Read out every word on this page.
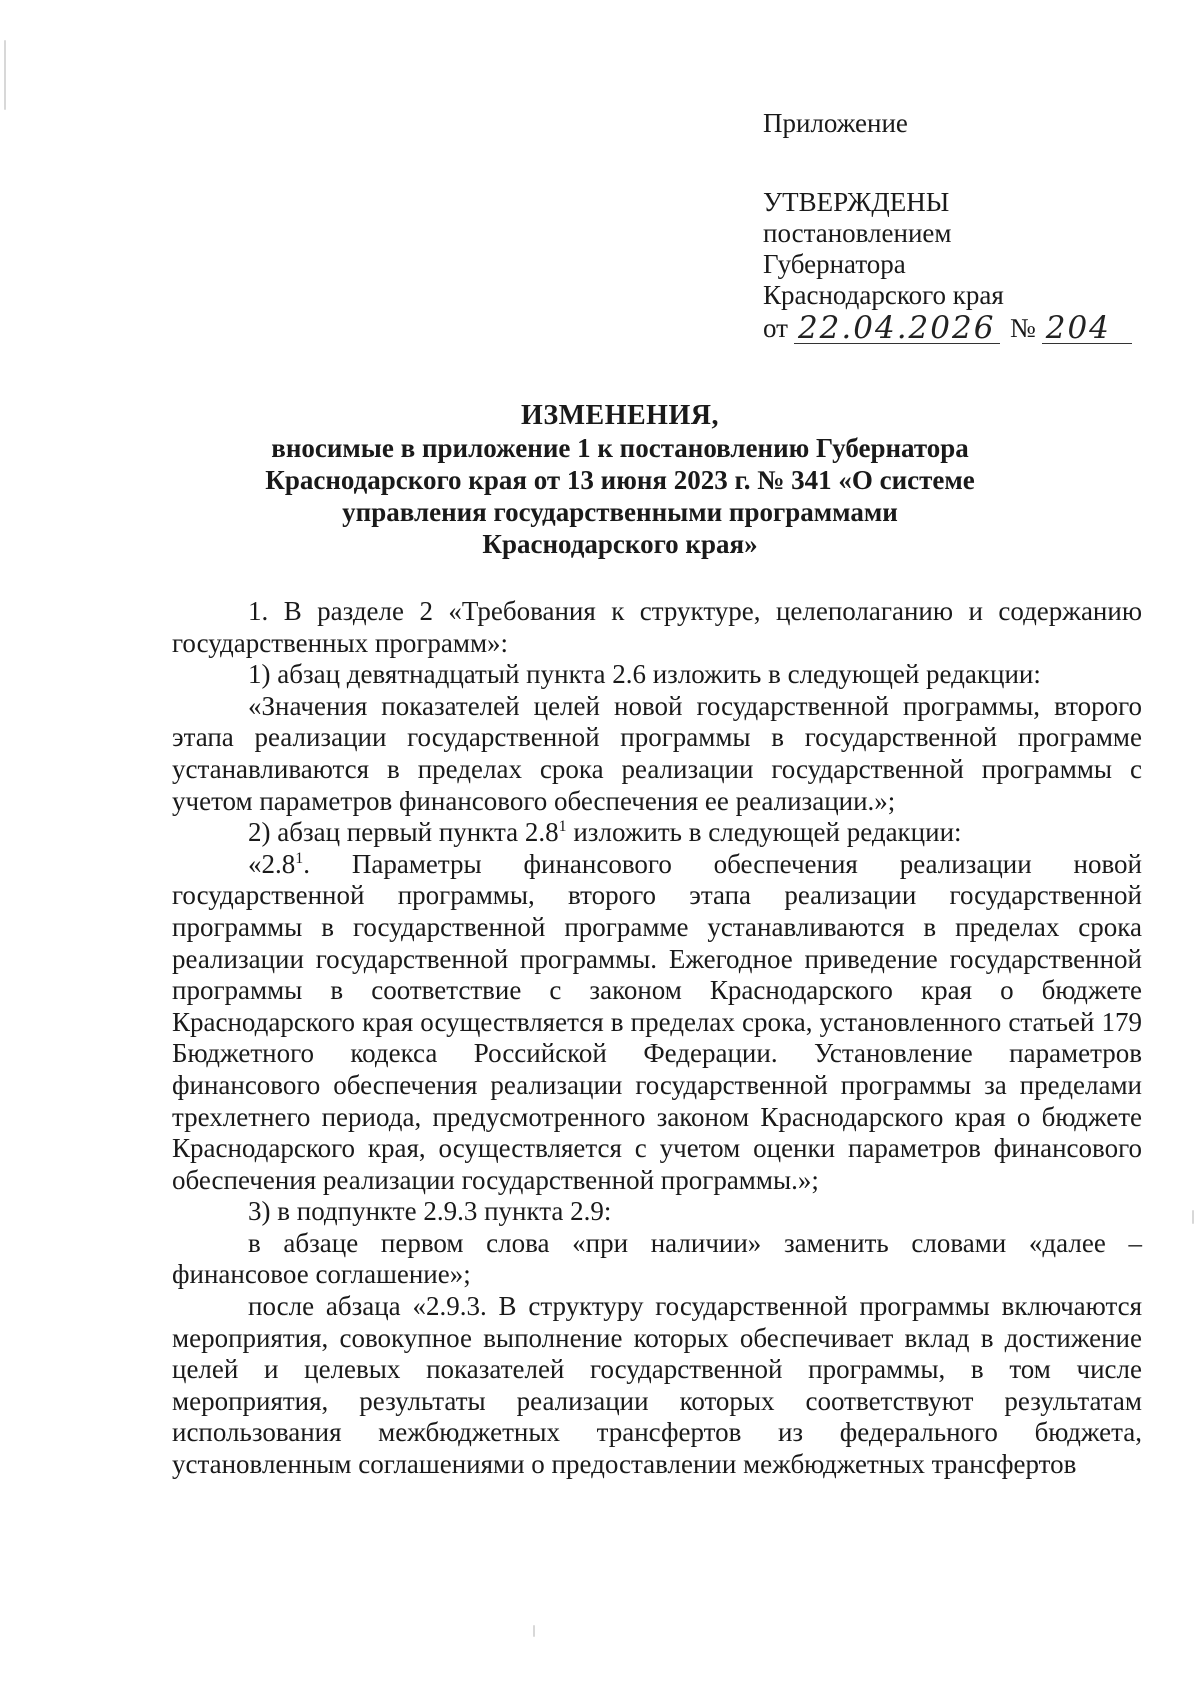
Приложение
УТВЕРЖДЕНЫ
постановлением
Губернатора
Краснодарского края
от 22.04.2026 № 204
ИЗМЕНЕНИЯ,
вносимые в приложение 1 к постановлению Губернатора
Краснодарского края от 13 июня 2023 г. № 341 «О системе
управления государственными программами
Краснодарского края»

1. В разделе 2 «Требования к структуре, целеполаганию и содержанию государственных программ»:

1) абзац девятнадцатый пункта 2.6 изложить в следующей редакции:

«Значения показателей целей новой государственной программы, второго этапа реализации государственной программы в государственной программе устанавливаются в пределах срока реализации государственной программы с учетом параметров финансового обеспечения ее реализации.»;

2) абзац первый пункта $2.8^1$ изложить в следующей редакции:

«$2.8^1$. Параметры финансового обеспечения реализации новой государственной программы, второго этапа реализации государственной программы в государственной программе устанавливаются в пределах срока реализации государственной программы. Ежегодное приведение государственной программы в соответствие с законом Краснодарского края о бюджете Краснодарского края осуществляется в пределах срока, установленного статьей 179 Бюджетного кодекса Российской Федерации. Установление параметров финансового обеспечения реализации государственной программы за пределами трехлетнего периода, предусмотренного законом Краснодарского края о бюджете Краснодарского края, осуществляется с учетом оценки параметров финансового обеспечения реализации государственной программы.»;

3) в подпункте 2.9.3 пункта 2.9:

в абзаце первом слова «при наличии» заменить словами «далее – финансовое соглашение»;

после абзаца «2.9.3. В структуру государственной программы включаются мероприятия, совокупное выполнение которых обеспечивает вклад в достижение целей и целевых показателей государственной программы, в том числе мероприятия, результаты реализации которых соответствуют результатам использования межбюджетных трансфертов из федерального бюджета, установленным соглашениями о предоставлении межбюджетных трансфертов
